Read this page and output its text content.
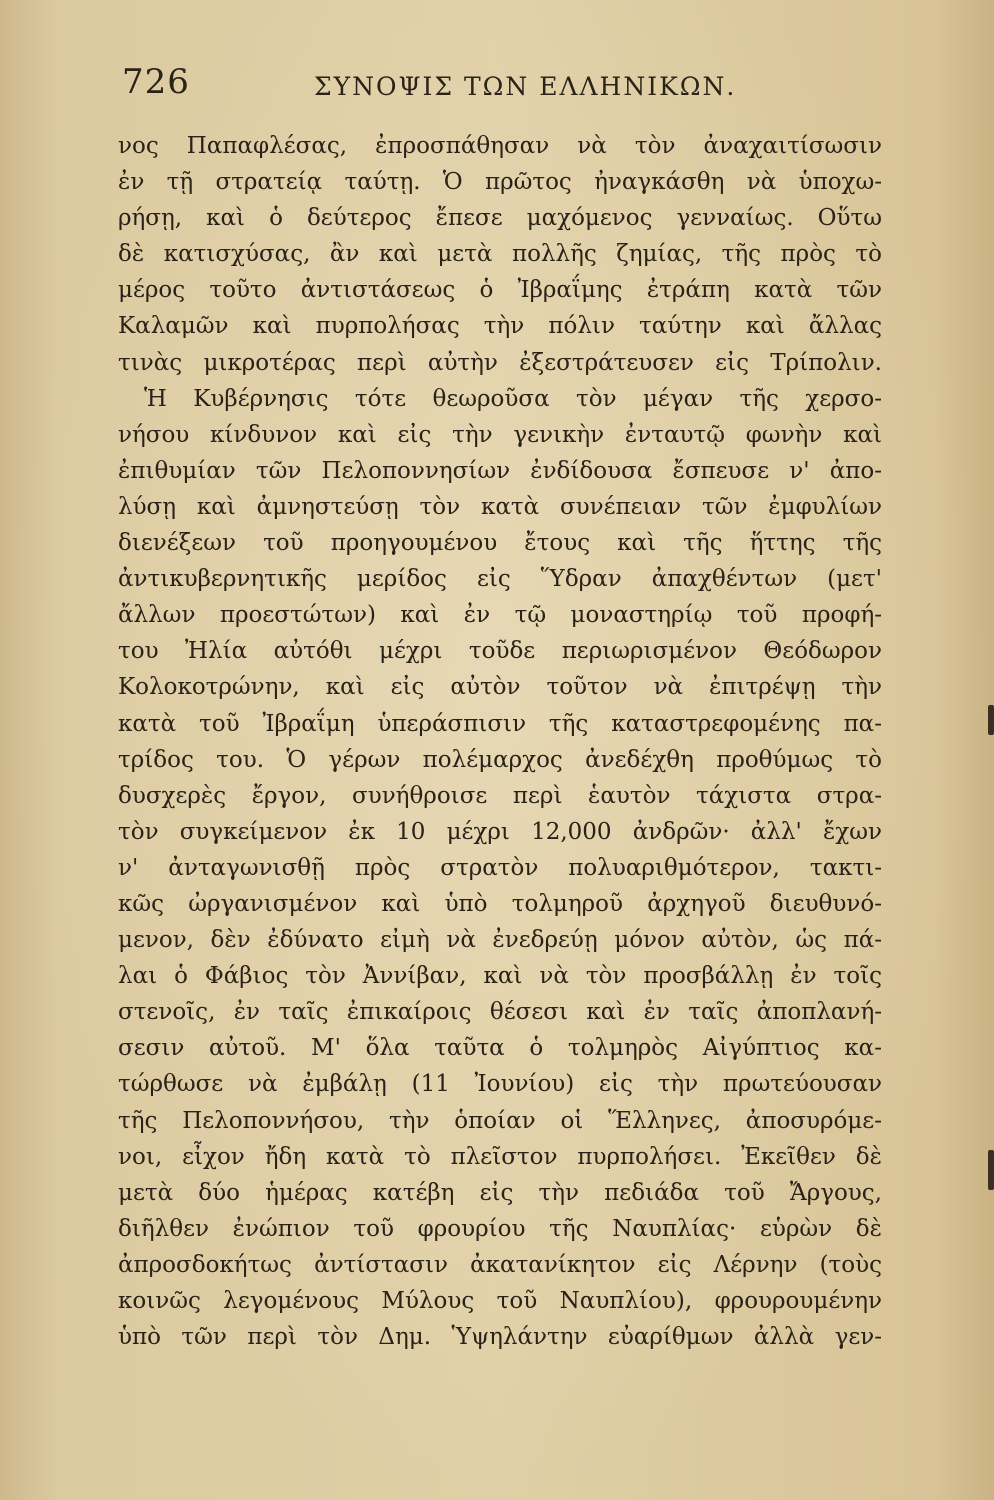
726	ΣΥΝΟΨΙΣ ΤΩΝ ΕΛΛΗΝΙΚΩΝ.
νος Παπαφλέσας, ἐπροσπάθησαν νὰ τὸν ἀναχαιτίσωσιν
ἐν τῇ στρατείᾳ ταύτῃ. Ὁ πρῶτος ἠναγκάσθη νὰ ὑποχω-
ρήσῃ, καὶ ὁ δεύτερος ἔπεσε μαχόμενος γενναίως. Οὕτω
δὲ κατισχύσας, ἂν καὶ μετὰ πολλῆς ζημίας, τῆς πρὸς τὸ
μέρος τοῦτο ἀντιστάσεως ὁ Ἰβραΐμης ἐτράπη κατὰ τῶν
Καλαμῶν καὶ πυρπολήσας τὴν πόλιν ταύτην καὶ ἄλλας
τινὰς μικροτέρας περὶ αὐτὴν ἐξεστράτευσεν εἰς Τρίπολιν.
Ἡ Κυβέρνησις τότε θεωροῦσα τὸν μέγαν τῆς χερσο-
νήσου κίνδυνον καὶ εἰς τὴν γενικὴν ἐνταυτῷ φωνὴν καὶ
ἐπιθυμίαν τῶν Πελοποννησίων ἐνδίδουσα ἔσπευσε ν' ἀπο-
λύσῃ καὶ ἀμνηστεύσῃ τὸν κατὰ συνέπειαν τῶν ἐμφυλίων
διενέξεων τοῦ προηγουμένου ἔτους καὶ τῆς ἥττης τῆς
ἀντικυβερνητικῆς μερίδος εἰς Ὕδραν ἀπαχθέντων (μετ'
ἄλλων προεστώτων) καὶ ἐν τῷ μοναστηρίῳ τοῦ προφή-
του Ἠλία αὐτόθι μέχρι τοῦδε περιωρισμένον Θεόδωρον
Κολοκοτρώνην, καὶ εἰς αὐτὸν τοῦτον νὰ ἐπιτρέψῃ τὴν
κατὰ τοῦ Ἰβραΐμη ὑπεράσπισιν τῆς καταστρεφομένης πα-
τρίδος του. Ὁ γέρων πολέμαρχος ἀνεδέχθη προθύμως τὸ
δυσχερὲς ἔργον, συνήθροισε περὶ ἑαυτὸν τάχιστα στρα-
τὸν συγκείμενον ἐκ 10 μέχρι 12,000 ἀνδρῶν· ἀλλ' ἔχων
ν' ἀνταγωνισθῇ πρὸς στρατὸν πολυαριθμότερον, τακτι-
κῶς ὠργανισμένον καὶ ὑπὸ τολμηροῦ ἀρχηγοῦ διευθυνό-
μενον, δὲν ἐδύνατο εἰμὴ νὰ ἐνεδρεύῃ μόνον αὐτὸν, ὡς πά-
λαι ὁ Φάβιος τὸν Ἀννίβαν, καὶ νὰ τὸν προσβάλλῃ ἐν τοῖς
στενοῖς, ἐν ταῖς ἐπικαίροις θέσεσι καὶ ἐν ταῖς ἀποπλανή-
σεσιν αὐτοῦ. Μ' ὅλα ταῦτα ὁ τολμηρὸς Αἰγύπτιος κα-
τώρθωσε νὰ ἐμβάλῃ (11 Ἰουνίου) εἰς τὴν πρωτεύουσαν
τῆς Πελοποννήσου, τὴν ὁποίαν οἱ Ἕλληνες, ἀποσυρόμε-
νοι, εἶχον ἤδη κατὰ τὸ πλεῖστον πυρπολήσει. Ἐκεῖθεν δὲ
μετὰ δύο ἡμέρας κατέβη εἰς τὴν πεδιάδα τοῦ Ἄργους,
διῆλθεν ἐνώπιον τοῦ φρουρίου τῆς Ναυπλίας· εὑρὼν δὲ
ἀπροσδοκήτως ἀντίστασιν ἀκατανίκητον εἰς Λέρνην (τοὺς
κοινῶς λεγομένους Μύλους τοῦ Ναυπλίου), φρουρουμένην
ὑπὸ τῶν περὶ τὸν Δημ. Ὑψηλάντην εὐαρίθμων ἀλλὰ γεν-
